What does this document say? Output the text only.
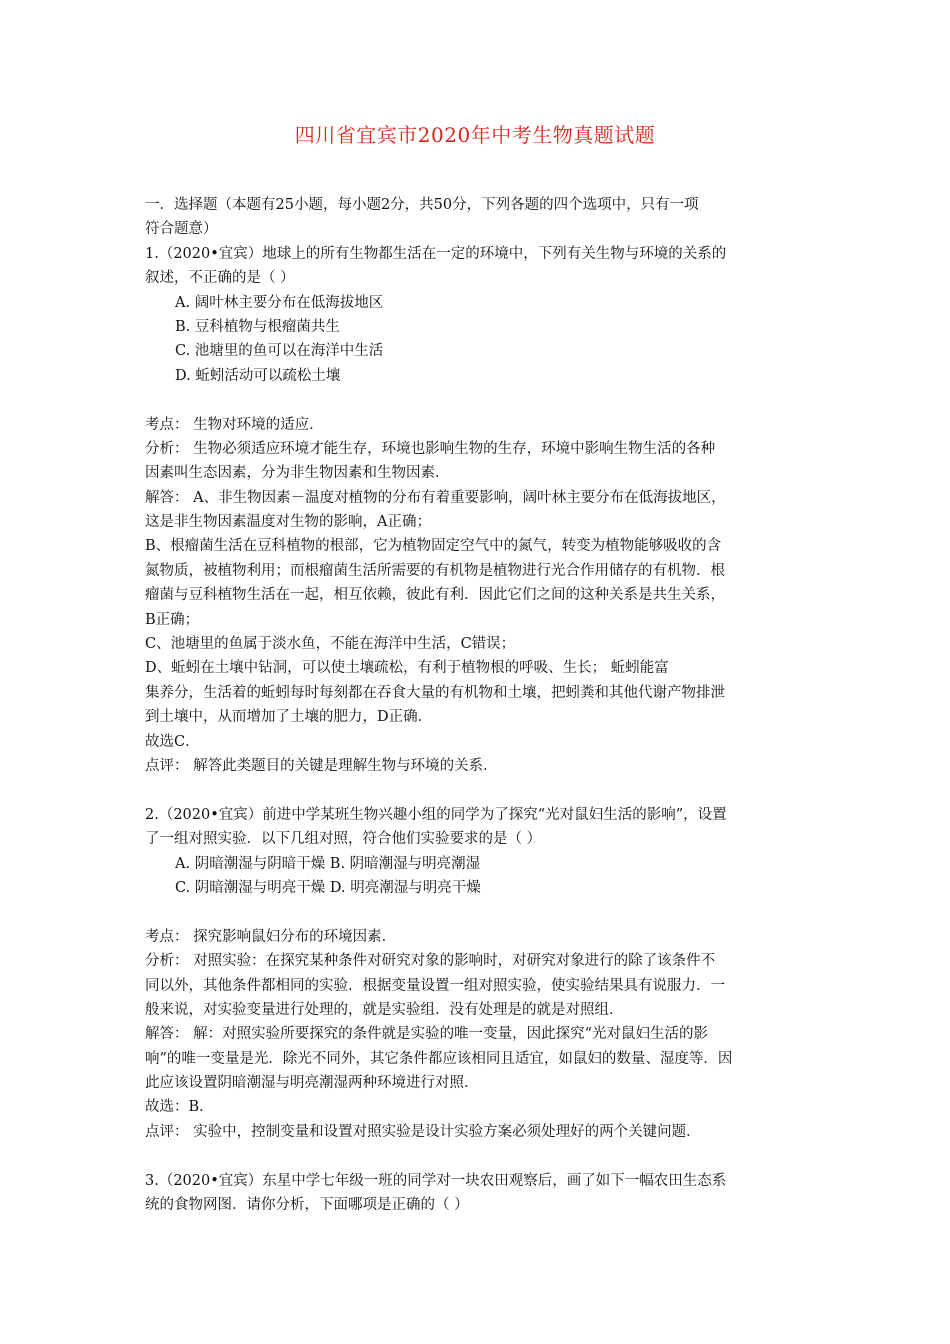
四川省宜宾市2020年中考生物真题试题
一．选择题（本题有25小题，每小题2分，共50分，下列各题的四个选项中，只有一项
符合题意）
1.（2020•宜宾）地球上的所有生物都生活在一定的环境中，下列有关生物与环境的关系的
叙述，不正确的是（ ）
A. 阔叶林主要分布在低海拔地区
B. 豆科植物与根瘤菌共生
C. 池塘里的鱼可以在海洋中生活
D. 蚯蚓活动可以疏松土壤
考点： 生物对环境的适应．
分析： 生物必须适应环境才能生存，环境也影响生物的生存，环境中影响生物生活的各种
因素叫生态因素，分为非生物因素和生物因素．
解答： A、非生物因素－温度对植物的分布有着重要影响，阔叶林主要分布在低海拔地区，
这是非生物因素温度对生物的影响，A正确；
B、根瘤菌生活在豆科植物的根部，它为植物固定空气中的氮气，转变为植物能够吸收的含
氮物质，被植物利用；而根瘤菌生活所需要的有机物是植物进行光合作用储存的有机物．根
瘤菌与豆科植物生活在一起，相互依赖，彼此有利．因此它们之间的这种关系是共生关系，
B正确；
C、池塘里的鱼属于淡水鱼，不能在海洋中生活，C错误；
D、蚯蚓在土壤中钻洞，可以使土壤疏松，有利于植物根的呼吸、生长； 蚯蚓能富
集养分，生活着的蚯蚓每时每刻都在吞食大量的有机物和土壤，把蚓粪和其他代谢产物排泄
到土壤中，从而增加了土壤的肥力，D正确．
故选C．
点评： 解答此类题目的关键是理解生物与环境的关系．
2.（2020•宜宾）前进中学某班生物兴趣小组的同学为了探究“光对鼠妇生活的影响”，设置
了一组对照实验．以下几组对照，符合他们实验要求的是（ ）
A. 阴暗潮湿与阴暗干燥 B. 阴暗潮湿与明亮潮湿
C. 阴暗潮湿与明亮干燥 D. 明亮潮湿与明亮干燥
考点： 探究影响鼠妇分布的环境因素．
分析： 对照实验：在探究某种条件对研究对象的影响时，对研究对象进行的除了该条件不
同以外，其他条件都相同的实验．根据变量设置一组对照实验，使实验结果具有说服力．一
般来说，对实验变量进行处理的，就是实验组．没有处理是的就是对照组．
解答： 解：对照实验所要探究的条件就是实验的唯一变量，因此探究“光对鼠妇生活的影
响”的唯一变量是光．除光不同外，其它条件都应该相同且适宜，如鼠妇的数量、湿度等．因
此应该设置阴暗潮湿与明亮潮湿两种环境进行对照．
故选：B．
点评： 实验中，控制变量和设置对照实验是设计实验方案必须处理好的两个关键问题．
3.（2020•宜宾）东星中学七年级一班的同学对一块农田观察后，画了如下一幅农田生态系
统的食物网图．请你分析，下面哪项是正确的（ ）
